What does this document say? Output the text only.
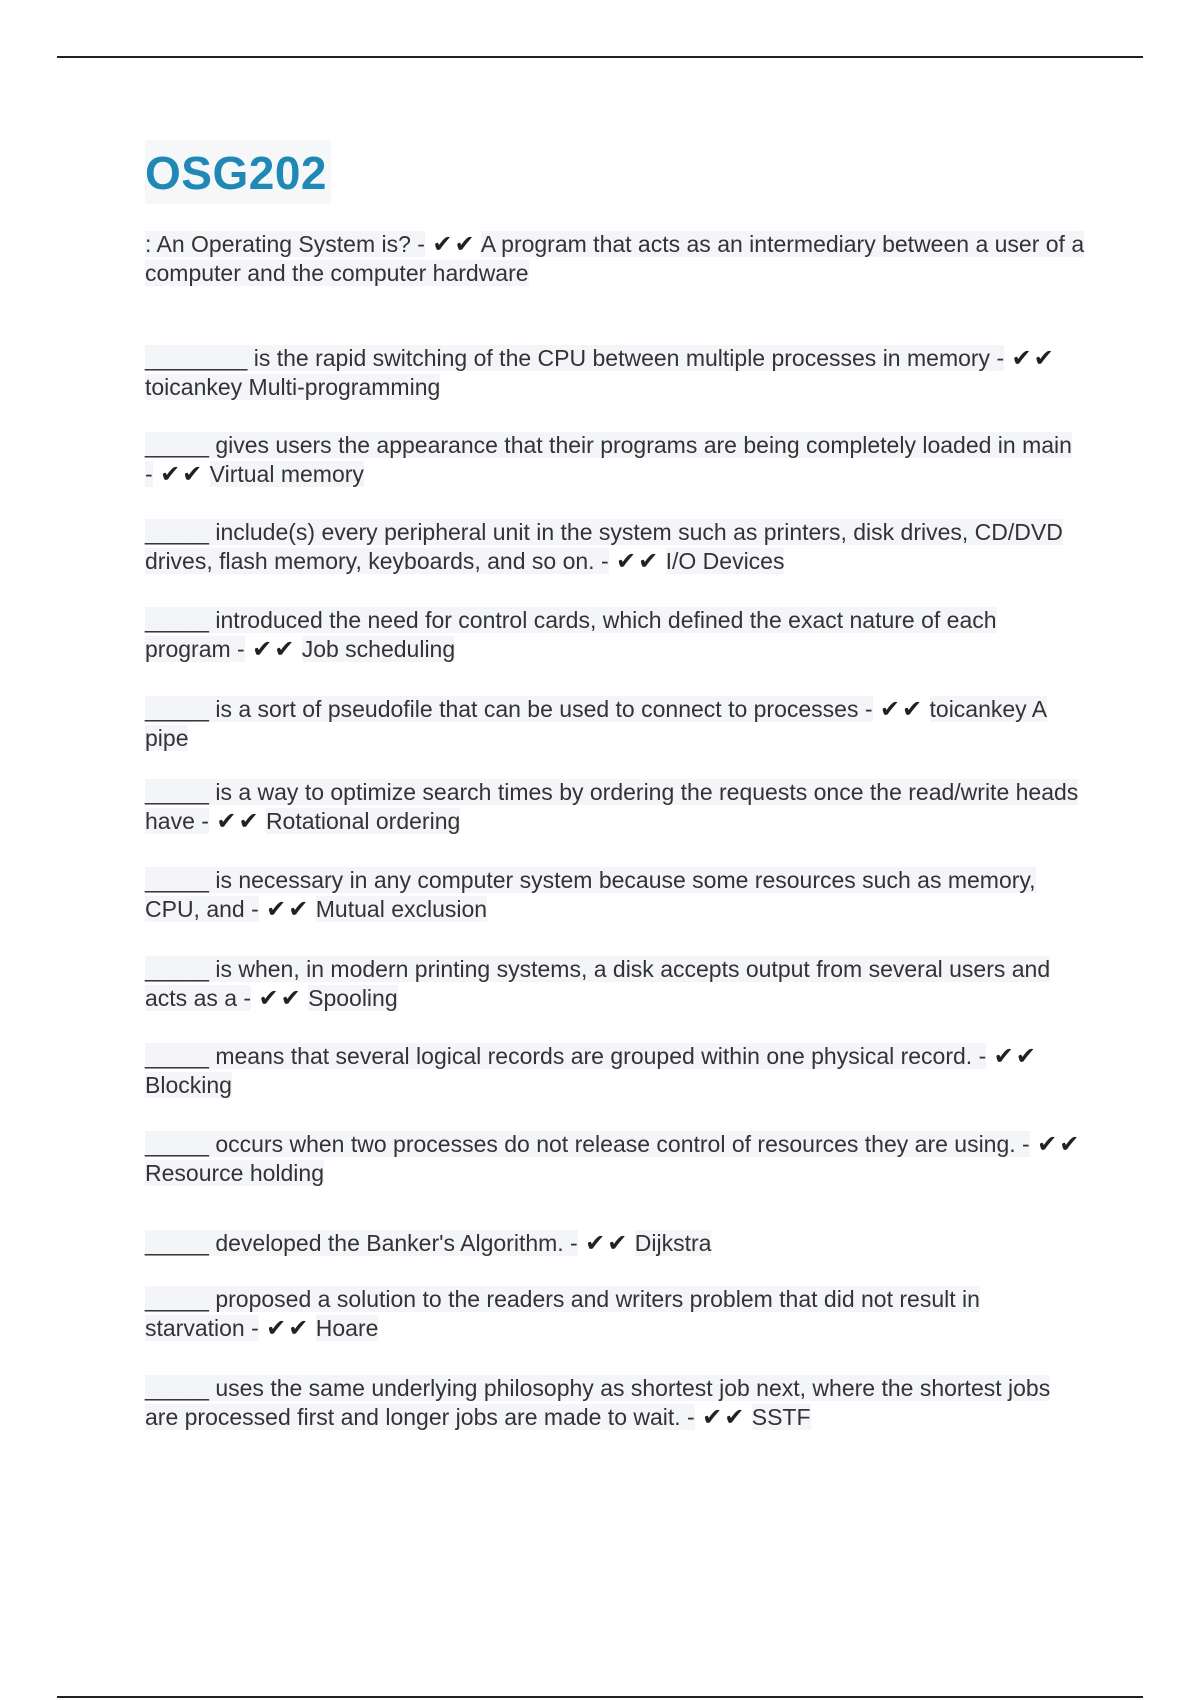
OSG202
: An Operating System is? - ✔✔ A program that acts as an intermediary between a user of a computer and the computer hardware
________ is the rapid switching of the CPU between multiple processes in memory - ✔✔ toicankey Multi-programming
_____ gives users the appearance that their programs are being completely loaded in main - ✔✔ Virtual memory
_____ include(s) every peripheral unit in the system such as printers, disk drives, CD/DVD drives, flash memory, keyboards, and so on. - ✔✔ I/O Devices
_____ introduced the need for control cards, which defined the exact nature of each program - ✔✔ Job scheduling
_____ is a sort of pseudofile that can be used to connect to processes - ✔✔ toicankey A pipe
_____ is a way to optimize search times by ordering the requests once the read/write heads have - ✔✔ Rotational ordering
_____ is necessary in any computer system because some resources such as memory, CPU, and - ✔✔ Mutual exclusion
_____ is when, in modern printing systems, a disk accepts output from several users and acts as a - ✔✔ Spooling
_____ means that several logical records are grouped within one physical record. - ✔✔ Blocking
_____ occurs when two processes do not release control of resources they are using. - ✔✔ Resource holding
_____ developed the Banker's Algorithm. - ✔✔ Dijkstra
_____ proposed a solution to the readers and writers problem that did not result in starvation - ✔✔ Hoare
_____ uses the same underlying philosophy as shortest job next, where the shortest jobs are processed first and longer jobs are made to wait. - ✔✔ SSTF
